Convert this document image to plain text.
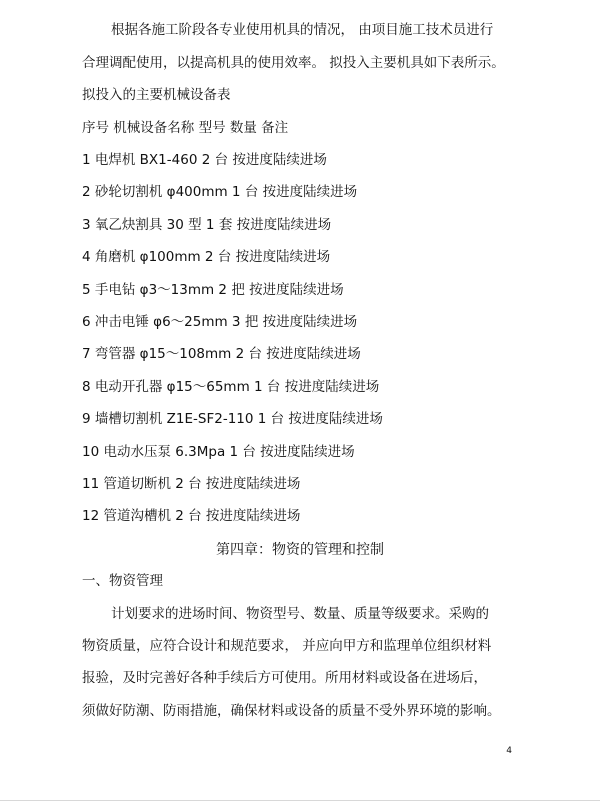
根据各施工阶段各专业使用机具的情况， 由项目施工技术员进行
合理调配使用，以提高机具的使用效率。 拟投入主要机具如下表所示。
拟投入的主要机械设备表
序号 机械设备名称 型号 数量 备注
1 电焊机 BX1-460 2 台 按进度陆续进场
2 砂轮切割机 φ400mm 1 台 按进度陆续进场
3 氧乙炔割具 30 型 1 套 按进度陆续进场
4 角磨机 φ100mm 2 台 按进度陆续进场
5 手电钻 φ3～13mm 2 把 按进度陆续进场
6 冲击电锤 φ6～25mm 3 把 按进度陆续进场
7 弯管器 φ15～108mm 2 台 按进度陆续进场
8 电动开孔器 φ15～65mm 1 台 按进度陆续进场
9 墙槽切割机 Z1E-SF2-110 1 台 按进度陆续进场
10 电动水压泵 6.3Mpa 1 台 按进度陆续进场
11 管道切断机 2 台 按进度陆续进场
12 管道沟槽机 2 台 按进度陆续进场
第四章：物资的管理和控制
一、物资管理
计划要求的进场时间、物资型号、数量、质量等级要求。采购的
物资质量，应符合设计和规范要求， 并应向甲方和监理单位组织材料
报验，及时完善好各种手续后方可使用。所用材料或设备在进场后，
须做好防潮、防雨措施，确保材料或设备的质量不受外界环境的影响。
4
